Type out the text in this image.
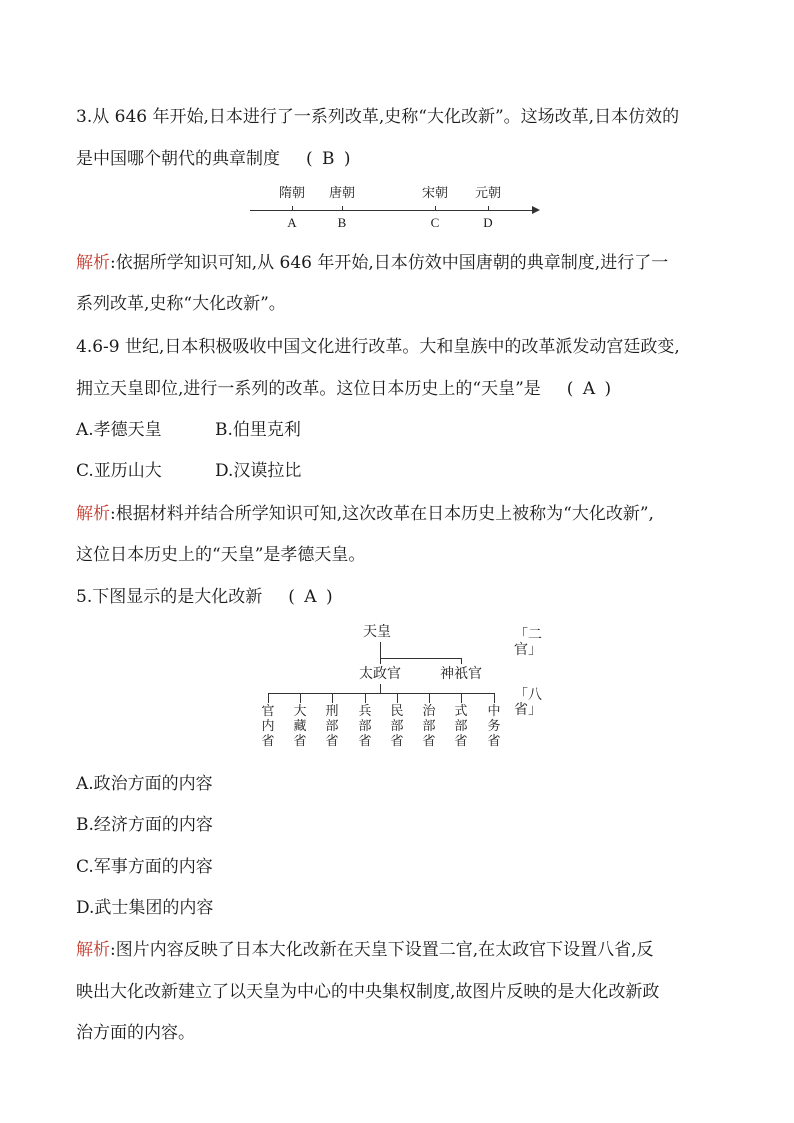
3.从 646 年开始,日本进行了一系列改革,史称“大化改新”。这场改革,日本仿效的
是中国哪个朝代的典章制度 ( B )
隋朝 唐朝	宋朝 元朝
A	B	C	D
解析:依据所学知识可知,从 646 年开始,日本仿效中国唐朝的典章制度,进行了一
系列改革,史称“大化改新”。
4.6-9 世纪,日本积极吸收中国文化进行改革。大和皇族中的改革派发动宫廷政变,
拥立天皇即位,进行一系列的改革。这位日本历史上的“天皇”是 ( A )
A.孝德天皇	B.伯里克利
C.亚历山大	D.汉谟拉比
解析:根据材料并结合所学知识可知,这次改革在日本历史上被称为“大化改新”,
这位日本历史上的“天皇”是孝德天皇。
5.下图显示的是大化改新 ( A )
天皇
太政官	神祇官
官内省
大藏省
刑部省
兵部省
民部省
治部省
式部省
中务省
「二官」
「八省」
A.政治方面的内容
B.经济方面的内容
C.军事方面的内容
D.武士集团的内容
解析:图片内容反映了日本大化改新在天皇下设置二官,在太政官下设置八省,反
映出大化改新建立了以天皇为中心的中央集权制度,故图片反映的是大化改新政
治方面的内容。
